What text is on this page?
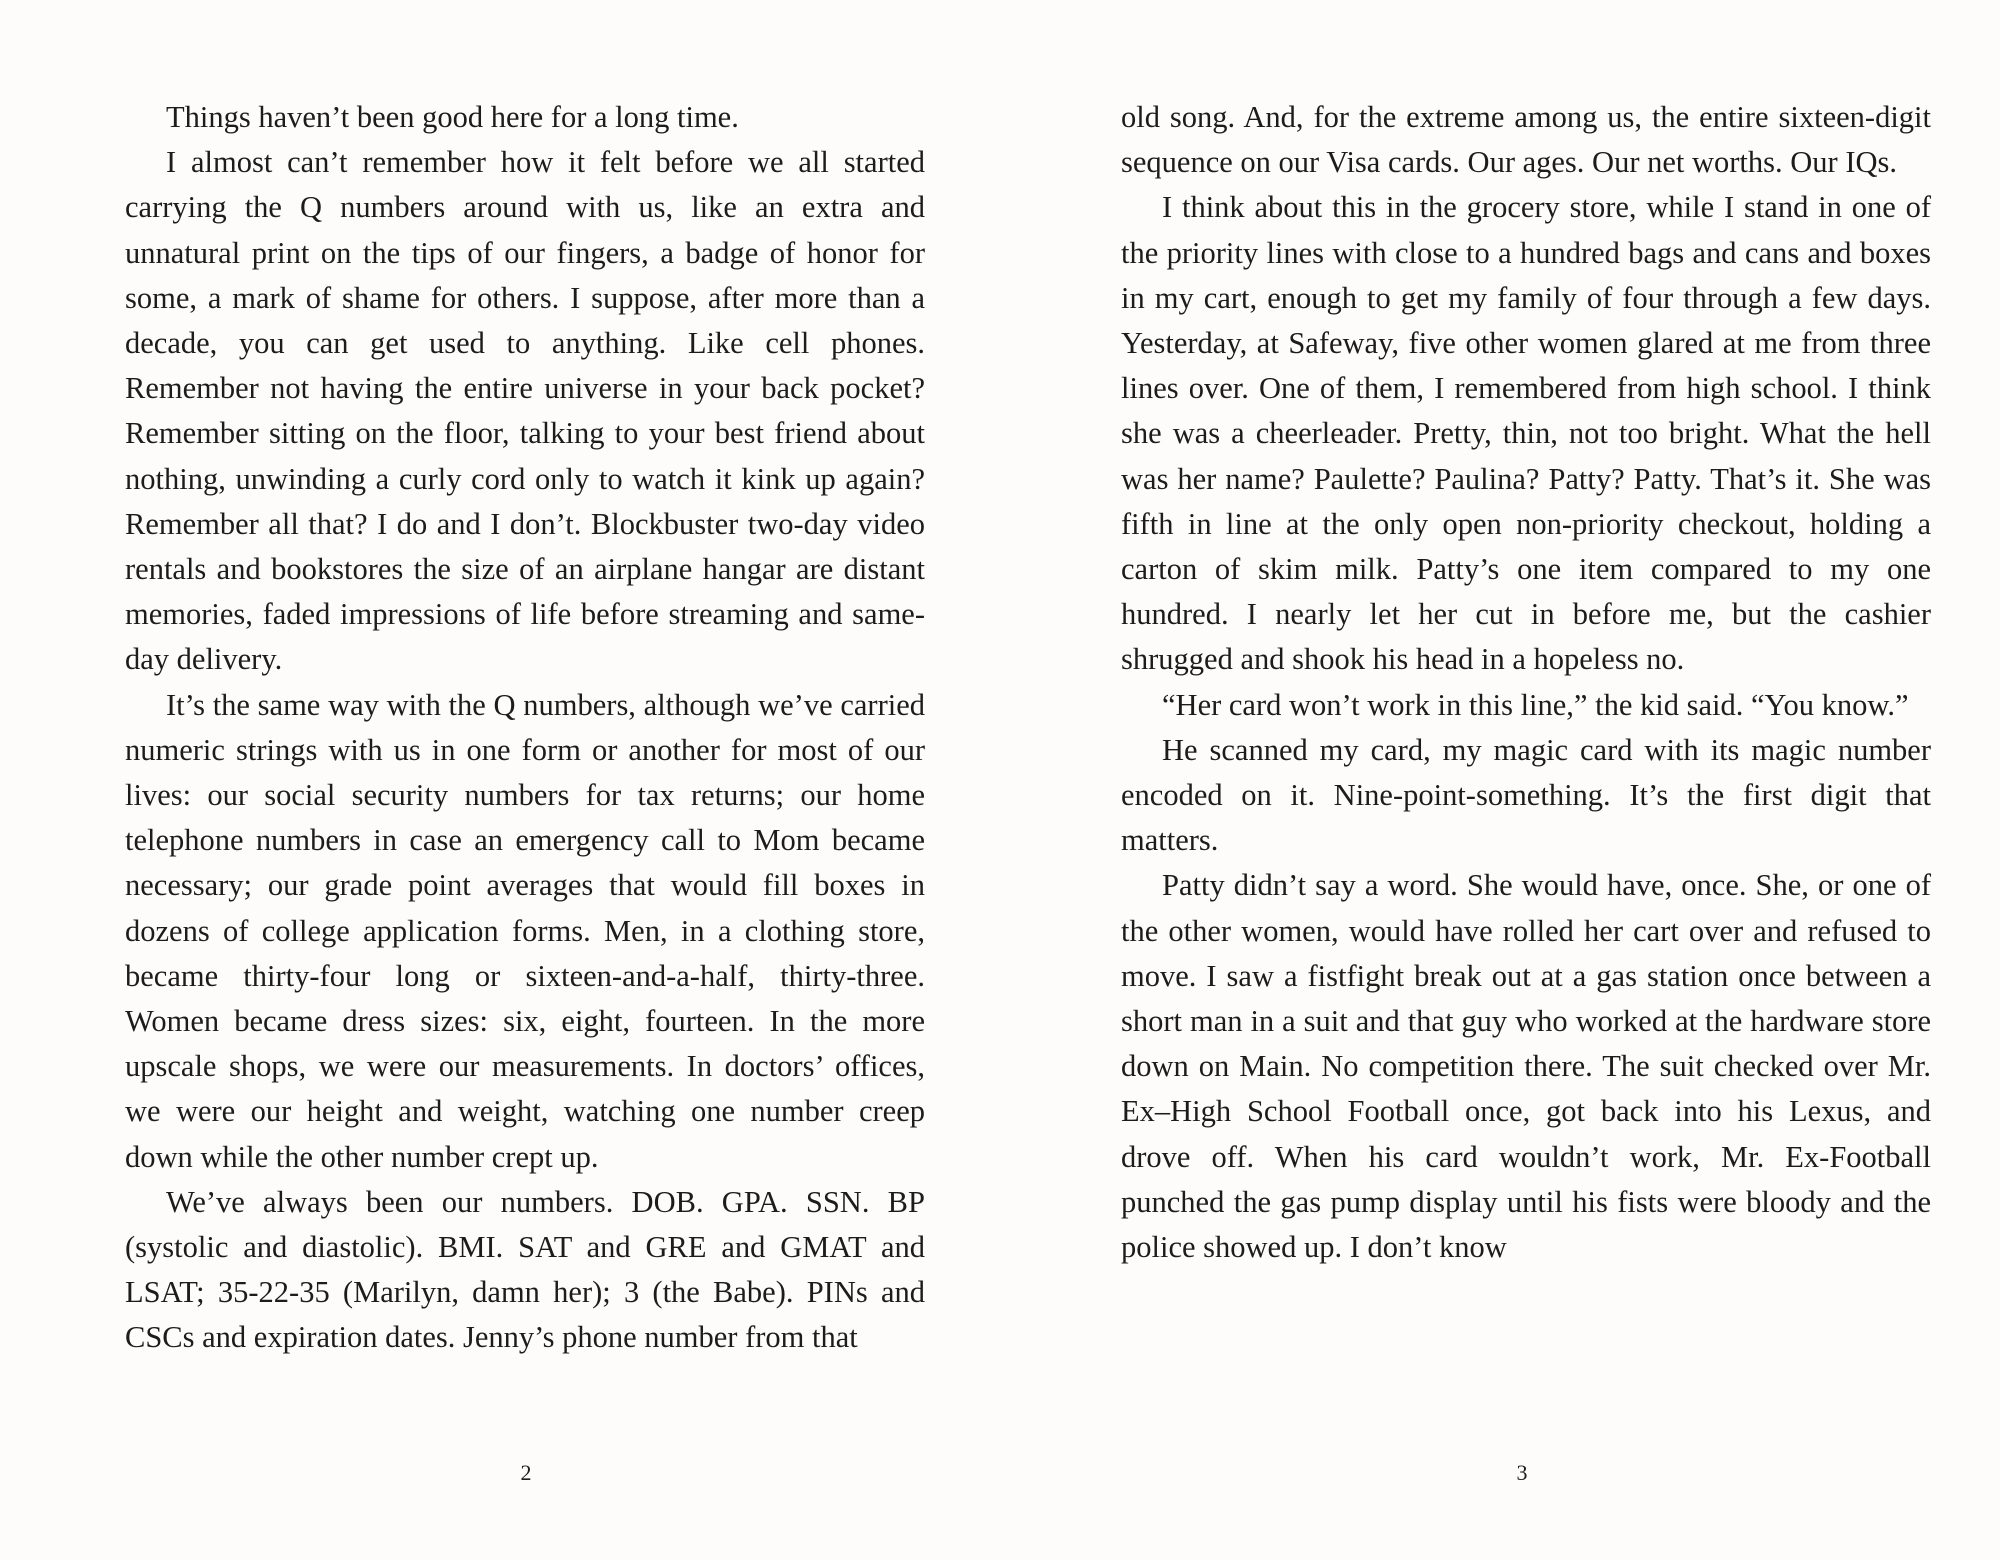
Things haven’t been good here for a long time.

I almost can’t remember how it felt before we all started carrying the Q numbers around with us, like an extra and unnatural print on the tips of our fingers, a badge of honor for some, a mark of shame for others. I suppose, after more than a decade, you can get used to anything. Like cell phones. Remember not having the entire universe in your back pocket? Remember sitting on the floor, talking to your best friend about nothing, unwinding a curly cord only to watch it kink up again? Remember all that? I do and I don’t. Blockbuster two-day video rentals and bookstores the size of an airplane hangar are distant memories, faded impressions of life before streaming and same-day delivery.

It’s the same way with the Q numbers, although we’ve carried numeric strings with us in one form or another for most of our lives: our social security numbers for tax returns; our home telephone numbers in case an emergency call to Mom became necessary; our grade point averages that would fill boxes in dozens of college application forms. Men, in a clothing store, became thirty-four long or sixteen-and-a-half, thirty-three. Women became dress sizes: six, eight, fourteen. In the more upscale shops, we were our measurements. In doctors’ offices, we were our height and weight, watching one number creep down while the other number crept up.

We’ve always been our numbers. DOB. GPA. SSN. BP (systolic and diastolic). BMI. SAT and GRE and GMAT and LSAT; 35-22-35 (Marilyn, damn her); 3 (the Babe). PINs and CSCs and expiration dates. Jenny’s phone number from that

2

old song. And, for the extreme among us, the entire sixteen-digit sequence on our Visa cards. Our ages. Our net worths. Our IQs.

I think about this in the grocery store, while I stand in one of the priority lines with close to a hundred bags and cans and boxes in my cart, enough to get my family of four through a few days. Yesterday, at Safeway, five other women glared at me from three lines over. One of them, I remembered from high school. I think she was a cheerleader. Pretty, thin, not too bright. What the hell was her name? Paulette? Paulina? Patty? Patty. That’s it. She was fifth in line at the only open non-priority checkout, holding a carton of skim milk. Patty’s one item compared to my one hundred. I nearly let her cut in before me, but the cashier shrugged and shook his head in a hopeless no.

“Her card won’t work in this line,” the kid said. “You know.”

He scanned my card, my magic card with its magic number encoded on it. Nine-point-something. It’s the first digit that matters.

Patty didn’t say a word. She would have, once. She, or one of the other women, would have rolled her cart over and refused to move. I saw a fistfight break out at a gas station once between a short man in a suit and that guy who worked at the hardware store down on Main. No competition there. The suit checked over Mr. Ex–High School Football once, got back into his Lexus, and drove off. When his card wouldn’t work, Mr. Ex-Football punched the gas pump display until his fists were bloody and the police showed up. I don’t know

3
